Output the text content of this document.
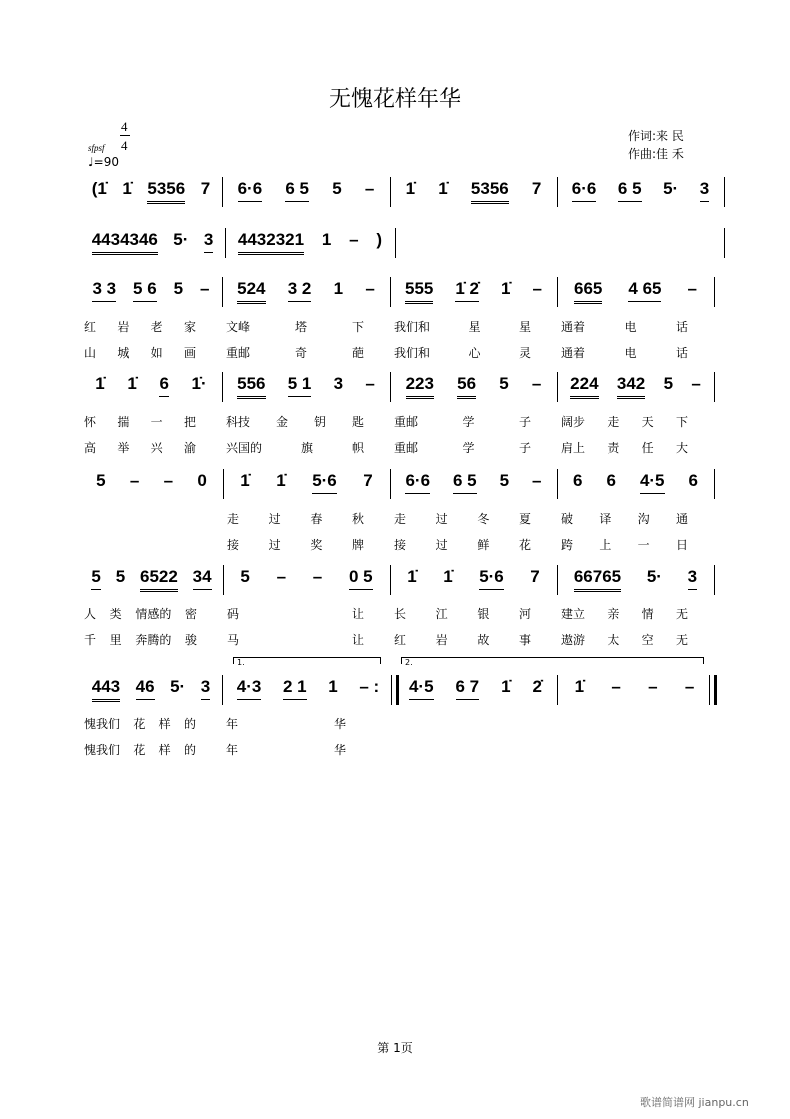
无愧花样年华
作词:来 民
作曲:佳 禾
4
4
sfpsf
♩=90
(1̇ 1̇ 5356 7 6·6 6 5 5 – 1̇ 1̇ 5356 7 6·6 6 5 5· 3
4434346 5· 3 4432321 1 – )
3 3 5 6 5 – 524 3 2 1 – 555 1̇ 2̇ 1̇ – 665 4 65 –
红 岩 老 家	文峰	塔	下	我们和	星	星	通着	电	话
山 城 如 画	重邮	奇	葩	我们和	心	灵	通着	电	话
1̇ 1̇ 6 1̇· 556 5 1 3 – 223 56 5 – 224 342 5 –
怀 揣 一 把	科技 金 钥 匙	重邮	学	子	阔步 走 天 下
高 举 兴 渝	兴国的	旗	帜	重邮	学	子	肩上 责 任 大
5 – – 0 1̇ 1̇ 5·6 7 6·6 6 5 5 – 6 6 4·5 6
走 过 春 秋	走 过 冬 夏	破 译 沟 通
接 过 奖 牌	接 过 鲜 花	跨 上 一 日
5 5 6522 34 5 – – 0 5 1̇ 1̇ 5·6 7 66765 5· 3
人 类 情感的 密	码	让	长 江 银 河	建立 亲 情 无
千 里 奔腾的 骏	马	让	红 岩 故 事	遨游 太 空 无
443 46 5· 3 4·3 2 1 1 – : 4·5 6 7 1̇ 2̇ 1̇ – – –
愧我们 花 样 的	年	华
愧我们 花 样 的	年	华
1.	2.
第 1页
歌谱简谱网 jianpu.cn
